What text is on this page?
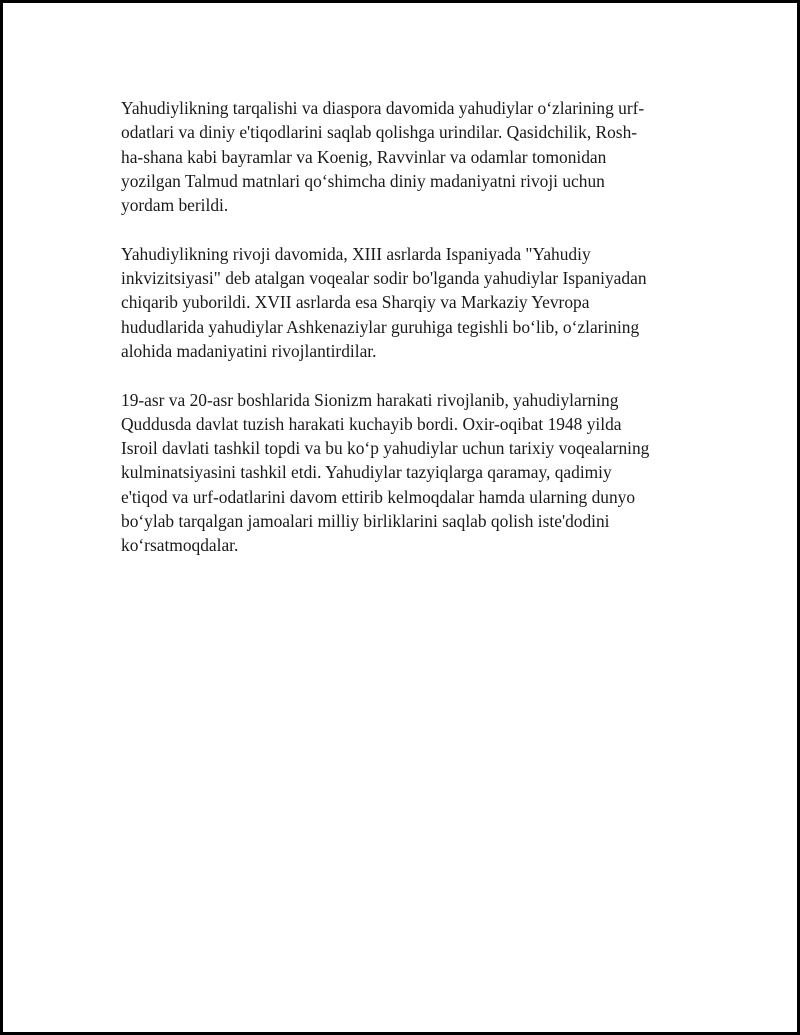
Yahudiylikning tarqalishi va diaspora davomida yahudiylar o‘zlarining urf-
odatlari va diniy e'tiqodlarini saqlab qolishga urindilar. Qasidchilik, Rosh-
ha-shana kabi bayramlar va Koenig, Ravvinlar va odamlar tomonidan
yozilgan Talmud matnlari qo‘shimcha diniy madaniyatni rivoji uchun
yordam berildi.

Yahudiylikning rivoji davomida, XIII asrlarda Ispaniyada "Yahudiy
inkvizitsiyasi" deb atalgan voqealar sodir bo'lganda yahudiylar Ispaniyadan
chiqarib yuborildi. XVII asrlarda esa Sharqiy va Markaziy Yevropa
hududlarida yahudiylar Ashkenaziylar guruhiga tegishli bo‘lib, o‘zlarining
alohida madaniyatini rivojlantirdilar.

19-asr va 20-asr boshlarida Sionizm harakati rivojlanib, yahudiylarning
Quddusda davlat tuzish harakati kuchayib bordi. Oxir-oqibat 1948 yilda
Isroil davlati tashkil topdi va bu ko‘p yahudiylar uchun tarixiy voqealarning
kulminatsiyasini tashkil etdi. Yahudiylar tazyiqlarga qaramay, qadimiy
e'tiqod va urf-odatlarini davom ettirib kelmoqdalar hamda ularning dunyo
bo‘ylab tarqalgan jamoalari milliy birliklarini saqlab qolish iste'dodini
ko‘rsatmoqdalar.
